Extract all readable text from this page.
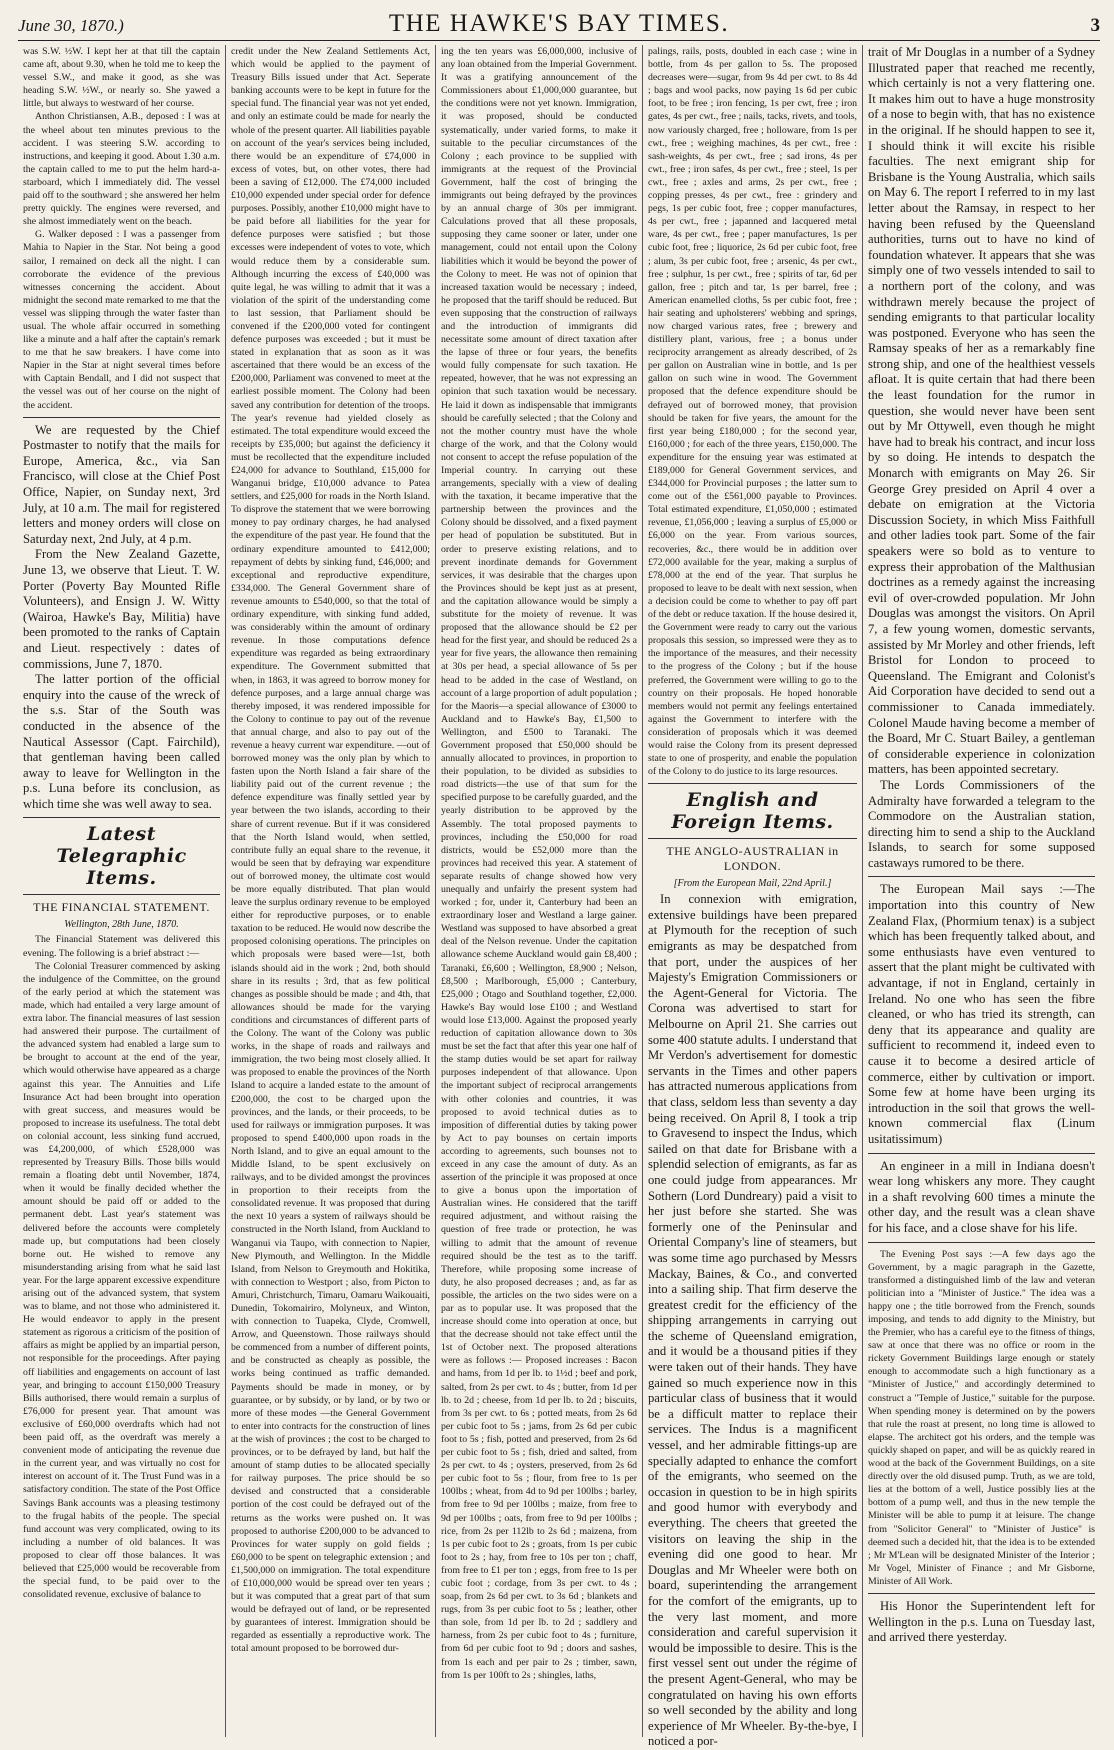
June 30, 1870.)	THE HAWKE'S BAY TIMES.	3

was S.W. ½W. I kept her at that till the captain came aft, about 9.30, when he told me to keep the vessel S.W., and make it good, as she was heading S.W. ½W., or nearly so. She yawed a little, but always to westward of her course.

Anthon Christiansen, A.B., deposed : I was at the wheel about ten minutes previous to the accident. I was steering S.W. according to instructions, and keeping it good. About 1.30 a.m. the captain called to me to put the helm hard-a-starboard, which I immediately did. The vessel paid off to the southward ; she answered her helm pretty quickly. The engines were reversed, and she almost immediately went on the beach.

G. Walker deposed : I was a passenger from Mahia to Napier in the Star. Not being a good sailor, I remained on deck all the night. I can corroborate the evidence of the previous witnesses concerning the accident. About midnight the second mate remarked to me that the vessel was slipping through the water faster than usual. The whole affair occurred in something like a minute and a half after the captain's remark to me that he saw breakers. I have come into Napier in the Star at night several times before with Captain Bendall, and I did not suspect that the vessel was out of her course on the night of the accident.

We are requested by the Chief Postmaster to notify that the mails for Europe, America, &c., via San Francisco, will close at the Chief Post Office, Napier, on Sunday next, 3rd July, at 10 a.m. The mail for registered letters and money orders will close on Saturday next, 2nd July, at 4 p.m.

From the New Zealand Gazette, June 13, we observe that Lieut. T. W. Porter (Poverty Bay Mounted Rifle Volunteers), and Ensign J. W. Witty (Wairoa, Hawke's Bay, Militia) have been promoted to the ranks of Captain and Lieut. respectively : dates of commissions, June 7, 1870.

The latter portion of the official enquiry into the cause of the wreck of the s.s. Star of the South was conducted in the absence of the Nautical Assessor (Capt. Fairchild), that gentleman having been called away to leave for Wellington in the p.s. Luna before its conclusion, as which time she was well away to sea.

Latest Telegraphic Items.
THE FINANCIAL STATEMENT.
Wellington, 28th June, 1870.

The Financial Statement was delivered this evening. The following is a brief abstract :—

The Colonial Treasurer commenced by asking the indulgence of the Committee, on the ground of the early period at which the statement was made, which had entailed a very large amount of extra labor. The financial measures of last session had answered their purpose. The curtailment of the advanced system had enabled a large sum to be brought to account at the end of the year, which would otherwise have appeared as a charge against this year. The Annuities and Life Insurance Act had been brought into operation with great success, and measures would be proposed to increase its usefulness. The total debt on colonial account, less sinking fund accrued, was £4,200,000, of which £528,000 was represented by Treasury Bills. Those bills would remain a floating debt until November, 1874, when it would be finally decided whether the amount should be paid off or added to the permanent debt. Last year's statement was delivered before the accounts were completely made up, but computations had been closely borne out. He wished to remove any misunderstanding arising from what he said last year. For the large apparent excessive expenditure arising out of the advanced system, that system was to blame, and not those who administered it. He would endeavor to apply in the present statement as rigorous a criticism of the position of affairs as might be applied by an impartial person, not responsible for the proceedings. After paying off liabilities and engagements on account of last year, and bringing to account £150,000 Treasury Bills authorised, there would remain a surplus of £76,000 for present year. That amount was exclusive of £60,000 overdrafts which had not been paid off, as the overdraft was merely a convenient mode of anticipating the revenue due in the current year, and was virtually no cost for interest on account of it. The Trust Fund was in a satisfactory condition. The state of the Post Office Savings Bank accounts was a pleasing testimony to the frugal habits of the people. The special fund account was very complicated, owing to its including a number of old balances. It was proposed to clear off those balances. It was believed that £25,000 would be recoverable from the special fund, to be paid over to the consolidated revenue, exclusive of balance to

credit under the New Zealand Settlements Act, which would be applied to the payment of Treasury Bills issued under that Act. Seperate banking accounts were to be kept in future for the special fund. The financial year was not yet ended, and only an estimate could be made for nearly the whole of the present quarter. All liabilities payable on account of the year's services being included, there would be an expenditure of £74,000 in excess of votes, but, on other votes, there had been a saving of £12,000. The £74,000 included £10,000 expended under special order for defence purposes. Possibly, another £10,000 might have to be paid before all liabilities for the year for defence purposes were satisfied ; but those excesses were independent of votes to vote, which would reduce them by a considerable sum. Although incurring the excess of £40,000 was quite legal, he was willing to admit that it was a violation of the spirit of the understanding come to last session, that Parliament should be convened if the £200,000 voted for contingent defence purposes was exceeded ; but it must be stated in explanation that as soon as it was ascertained that there would be an excess of the £200,000, Parliament was convened to meet at the earliest possible moment. The Colony had been saved any contribution for detention of the troops. The year's revenue had yielded closely as estimated. The total expenditure would exceed the receipts by £35,000; but against the deficiency it must be recollected that the expenditure included £24,000 for advance to Southland, £15,000 for Wanganui bridge, £10,000 advance to Patea settlers, and £25,000 for roads in the North Island. To disprove the statement that we were borrowing money to pay ordinary charges, he had analysed the expenditure of the past year. He found that the ordinary expenditure amounted to £412,000; repayment of debts by sinking fund, £46,000; and exceptional and reproductive expenditure, £334,000. The General Government share of revenue amounts to £540,000, so that the total of ordinary expenditure, with sinking fund added, was considerably within the amount of ordinary revenue. In those computations defence expenditure was regarded as being extraordinary expenditure. The Government submitted that when, in 1863, it was agreed to borrow money for defence purposes, and a large annual charge was thereby imposed, it was rendered impossible for the Colony to continue to pay out of the revenue that annual charge, and also to pay out of the revenue a heavy current war expenditure. —out of borrowed money was the only plan by which to fasten upon the North Island a fair share of the liability paid out of the current revenue ; the defence expenditure was finally settled year by year between the two islands, according to their share of current revenue. But if it was considered that the North Island would, when settled, contribute fully an equal share to the revenue, it would be seen that by defraying war expenditure out of borrowed money, the ultimate cost would be more equally distributed. That plan would leave the surplus ordinary revenue to be employed either for reproductive purposes, or to enable taxation to be reduced. He would now describe the proposed colonising operations. The principles on which proposals were based were—1st, both islands should aid in the work ; 2nd, both should share in its results ; 3rd, that as few political changes as possible should be made ; and 4th, that allowances should be made for the varying conditions and circumstances of different parts of the Colony. The want of the Colony was public works, in the shape of roads and railways and immigration, the two being most closely allied. It was proposed to enable the provinces of the North Island to acquire a landed estate to the amount of £200,000, the cost to be charged upon the provinces, and the lands, or their proceeds, to be used for railways or immigration purposes. It was proposed to spend £400,000 upon roads in the North Island, and to give an equal amount to the Middle Island, to be spent exclusively on railways, and to be divided amongst the provinces in proportion to their receipts from the consolidated revenue. It was proposed that during the next 10 years a system of railways should be constructed in the North Island, from Auckland to Wanganui via Taupo, with connection to Napier, New Plymouth, and Wellington. In the Middle Island, from Nelson to Greymouth and Hokitika, with connection to Westport ; also, from Picton to Amuri, Christchurch, Timaru, Oamaru Waikouaiti, Dunedin, Tokomairiro, Molyneux, and Winton, with connection to Tuapeka, Clyde, Cromwell, Arrow, and Queenstown. Those railways should be commenced from a number of different points, and be constructed as cheaply as possible, the works being continued as traffic demanded. Payments should be made in money, or by guarantee, or by subsidy, or by land, or by two or more of these modes —the General Government to enter into contracts for the construction of lines at the wish of provinces ; the cost to be charged to provinces, or to be defrayed by land, but half the amount of stamp duties to be allocated specially for railway purposes. The price should be so devised and constructed that a considerable portion of the cost could be defrayed out of the returns as the works were pushed on. It was proposed to authorise £200,000 to be advanced to Provinces for water supply on gold fields ; £60,000 to be spent on telegraphic extension ; and £1,500,000 on immigration. The total expenditure of £10,000,000 would be spread over ten years ; but it was computed that a great part of that sum would be defrayed out of land, or be represented by guarantees of interest. Immigration should be regarded as essentially a reproductive work. The total amount proposed to be borrowed dur-

ing the ten years was £6,000,000, inclusive of any loan obtained from the Imperial Government. It was a gratifying announcement of the Commissioners about £1,000,000 guarantee, but the conditions were not yet known. Immigration, it was proposed, should be conducted systematically, under varied forms, to make it suitable to the peculiar circumstances of the Colony ; each province to be supplied with immigrants at the request of the Provincial Government, half the cost of bringing the immigrants out being defrayed by the provinces by an annual charge of 30s per immigrant. Calculations proved that all these proposals, supposing they came sooner or later, under one management, could not entail upon the Colony liabilities which it would be beyond the power of the Colony to meet. He was not of opinion that increased taxation would be necessary ; indeed, he proposed that the tariff should be reduced. But even supposing that the construction of railways and the introduction of immigrants did necessitate some amount of direct taxation after the lapse of three or four years, the benefits would fully compensate for such taxation. He repeated, however, that he was not expressing an opinion that such taxation would be necessary. He laid it down as indispensable that immigrants should be carefully selected ; that the Colony and not the mother country must have the whole charge of the work, and that the Colony would not consent to accept the refuse population of the Imperial country. In carrying out these arrangements, specially with a view of dealing with the taxation, it became imperative that the partnership between the provinces and the Colony should be dissolved, and a fixed payment per head of population be substituted. But in order to preserve existing relations, and to prevent inordinate demands for Government services, it was desirable that the charges upon the Provinces should be kept just as at present, and the capitation allowance would be simply a substitute for the moiety of revenue. It was proposed that the allowance should be £2 per head for the first year, and should be reduced 2s a year for five years, the allowance then remaining at 30s per head, a special allowance of 5s per head to be added in the case of Westland, on account of a large proportion of adult population ; for the Maoris—a special allowance of £3000 to Auckland and to Hawke's Bay, £1,500 to Wellington, and £500 to Taranaki. The Government proposed that £50,000 should be annually allocated to provinces, in proportion to their population, to be divided as subsidies to road districts—the use of that sum for the specified purpose to be carefully guarded, and the yearly distribution to be approved by the Assembly. The total proposed payments to provinces, including the £50,000 for road districts, would be £52,000 more than the provinces had received this year. A statement of separate results of change showed how very unequally and unfairly the present system had worked ; for, under it, Canterbury had been an extraordinary loser and Westland a large gainer. Westland was supposed to have absorbed a great deal of the Nelson revenue. Under the capitation allowance scheme Auckland would gain £8,400 ; Taranaki, £6,600 ; Wellington, £8,900 ; Nelson, £8,500 ; Marlborough, £5,000 ; Canterbury, £25,000 ; Otago and Southland together, £2,000. Hawke's Bay would lose £100 ; and Westland would lose £13,000. Against the proposed yearly reduction of capitation allowance down to 30s must be set the fact that after this year one half of the stamp duties would be set apart for railway purposes independent of that allowance. Upon the important subject of reciprocal arrangements with other colonies and countries, it was proposed to avoid technical duties as to imposition of differential duties by taking power by Act to pay bounses on certain imports according to agreements, such bounses not to exceed in any case the amount of duty. As an assertion of the principle it was proposed at once to give a bonus upon the importation of Australian wines. He considered that the tariff required adjustment, and without raising the question of free trade or protection, he was willing to admit that the amount of revenue required should be the test as to the tariff. Therefore, while proposing some increase of duty, he also proposed decreases ; and, as far as possible, the articles on the two sides were on a par as to popular use. It was proposed that the increase should come into operation at once, but that the decrease should not take effect until the 1st of October next. The proposed alterations were as follows :— Proposed increases : Bacon and hams, from 1d per lb. to 1½d ; beef and pork, salted, from 2s per cwt. to 4s ; butter, from 1d per lb. to 2d ; cheese, from 1d per lb. to 2d ; biscuits, from 3s per cwt. to 6s ; potted meats, from 2s 6d per cubic foot to 5s ; jams, from 2s 6d per cubic foot to 5s ; fish, potted and preserved, from 2s 6d per cubic foot to 5s ; fish, dried and salted, from 2s per cwt. to 4s ; oysters, preserved, from 2s 6d per cubic foot to 5s ; flour, from free to 1s per 100lbs ; wheat, from 4d to 9d per 100lbs ; barley, from free to 9d per 100lbs ; maize, from free to 9d per 100lbs ; oats, from free to 9d per 100lbs ; rice, from 2s per 112lb to 2s 6d ; maizena, from 1s per cubic foot to 2s ; groats, from 1s per cubic foot to 2s ; hay, from free to 10s per ton ; chaff, from free to £1 per ton ; eggs, from free to 1s per cubic foot ; cordage, from 3s per cwt. to 4s ; soap, from 2s 6d per cwt. to 3s 6d ; blankets and rugs, from 3s per cubic foot to 5s ; leather, other than sole, from 1d per lb. to 2d ; saddlery and harness, from 2s per cubic foot to 4s ; furniture, from 6d per cubic foot to 9d ; doors and sashes, from 1s each and per pair to 2s ; timber, sawn, from 1s per 100ft to 2s ; shingles, laths,

palings, rails, posts, doubled in each case ; wine in bottle, from 4s per gallon to 5s. The proposed decreases were—sugar, from 9s 4d per cwt. to 8s 4d ; bags and wool packs, now paying 1s 6d per cubic foot, to be free ; iron fencing, 1s per cwt, free ; iron gates, 4s per cwt., free ; nails, tacks, rivets, and tools, now variously charged, free ; holloware, from 1s per cwt., free ; weighing machines, 4s per cwt., free : sash-weights, 4s per cwt., free ; sad irons, 4s per cwt., free ; iron safes, 4s per cwt., free ; steel, 1s per cwt., free ; axles and arms, 2s per cwt., free ; copping presses, 4s per cwt., free : grindery and pegs, 1s per cubic foot, free ; copper manufactures, 4s per cwt., free ; japanned and lacquered metal ware, 4s per cwt., free ; paper manufactures, 1s per cubic foot, free ; liquorice, 2s 6d per cubic foot, free ; alum, 3s per cubic foot, free ; arsenic, 4s per cwt., free ; sulphur, 1s per cwt., free ; spirits of tar, 6d per gallon, free ; pitch and tar, 1s per barrel, free ; American enamelled cloths, 5s per cubic foot, free ; hair seating and upholsterers' webbing and springs, now charged various rates, free ; brewery and distillery plant, various, free ; a bonus under reciprocity arrangement as already described, of 2s per gallon on Australian wine in bottle, and 1s per gallon on such wine in wood. The Government proposed that the defence expenditure should be defrayed out of borrowed money, that provision should be taken for five years, the amount for the first year being £180,000 ; for the second year, £160,000 ; for each of the three years, £150,000. The expenditure for the ensuing year was estimated at £189,000 for General Government services, and £344,000 for Provincial purposes ; the latter sum to come out of the £561,000 payable to Provinces. Total estimated expenditure, £1,050,000 ; estimated revenue, £1,056,000 ; leaving a surplus of £5,000 or £6,000 on the year. From various sources, recoveries, &c., there would be in addition over £72,000 available for the year, making a surplus of £78,000 at the end of the year. That surplus he proposed to leave to be dealt with next session, when a decision could be come to whether to pay off part of the debt or reduce taxation. If the house desired it, the Government were ready to carry out the various proposals this session, so impressed were they as to the importance of the measures, and their necessity to the progress of the Colony ; but if the house preferred, the Government were willing to go to the country on their proposals. He hoped honorable members would not permit any feelings entertained against the Government to interfere with the consideration of proposals which it was deemed would raise the Colony from its present depressed state to one of prosperity, and enable the population of the Colony to do justice to its large resources.

English and Foreign Items.
THE ANGLO-AUSTRALIAN in LONDON.
[From the European Mail, 22nd April.]

In connexion with emigration, extensive buildings have been prepared at Plymouth for the reception of such emigrants as may be despatched from that port, under the auspices of her Majesty's Emigration Commissioners or the Agent-General for Victoria. The Corona was advertised to start for Melbourne on April 21. She carries out some 400 statute adults. I understand that Mr Verdon's advertisement for domestic servants in the Times and other papers has attracted numerous applications from that class, seldom less than seventy a day being received. On April 8, I took a trip to Gravesend to inspect the Indus, which sailed on that date for Brisbane with a splendid selection of emigrants, as far as one could judge from appearances. Mr Sothern (Lord Dundreary) paid a visit to her just before she started. She was formerly one of the Peninsular and Oriental Company's line of steamers, but was some time ago purchased by Messrs Mackay, Baines, & Co., and converted into a sailing ship. That firm deserve the greatest credit for the efficiency of the shipping arrangements in carrying out the scheme of Queensland emigration, and it would be a thousand pities if they were taken out of their hands. They have gained so much experience now in this particular class of business that it would be a difficult matter to replace their services. The Indus is a magnificent vessel, and her admirable fittings-up are specially adapted to enhance the comfort of the emigrants, who seemed on the occasion in question to be in high spirits and good humor with everybody and everything. The cheers that greeted the visitors on leaving the ship in the evening did one good to hear. Mr Douglas and Mr Wheeler were both on board, superintending the arrangement for the comfort of the emigrants, up to the very last moment, and more consideration and careful supervision it would be impossible to desire. This is the first vessel sent out under the régime of the present Agent-General, who may be congratulated on having his own efforts so well seconded by the ability and long experience of Mr Wheeler. By-the-bye, I noticed a por-

trait of Mr Douglas in a number of a Sydney Illustrated paper that reached me recently, which certainly is not a very flattering one. It makes him out to have a huge monstrosity of a nose to begin with, that has no existence in the original. If he should happen to see it, I should think it will excite his risible faculties. The next emigrant ship for Brisbane is the Young Australia, which sails on May 6. The report I referred to in my last letter about the Ramsay, in respect to her having been refused by the Queensland authorities, turns out to have no kind of foundation whatever. It appears that she was simply one of two vessels intended to sail to a northern port of the colony, and was withdrawn merely because the project of sending emigrants to that particular locality was postponed. Everyone who has seen the Ramsay speaks of her as a remarkably fine strong ship, and one of the healthiest vessels afloat. It is quite certain that had there been the least foundation for the rumor in question, she would never have been sent out by Mr Ottywell, even though he might have had to break his contract, and incur loss by so doing. He intends to despatch the Monarch with emigrants on May 26. Sir George Grey presided on April 4 over a debate on emigration at the Victoria Discussion Society, in which Miss Faithfull and other ladies took part. Some of the fair speakers were so bold as to venture to express their approbation of the Malthusian doctrines as a remedy against the increasing evil of over-crowded population. Mr John Douglas was amongst the visitors. On April 7, a few young women, domestic servants, assisted by Mr Morley and other friends, left Bristol for London to proceed to Queensland. The Emigrant and Colonist's Aid Corporation have decided to send out a commissioner to Canada immediately. Colonel Maude having become a member of the Board, Mr C. Stuart Bailey, a gentleman of considerable experience in colonization matters, has been appointed secretary.

The Lords Commissioners of the Admiralty have forwarded a telegram to the Commodore on the Australian station, directing him to send a ship to the Auckland Islands, to search for some supposed castaways rumored to be there.

The European Mail says :—The importation into this country of New Zealand Flax, (Phormium tenax) is a subject which has been frequently talked about, and some enthusiasts have even ventured to assert that the plant might be cultivated with advantage, if not in England, certainly in Ireland. No one who has seen the fibre cleaned, or who has tried its strength, can deny that its appearance and quality are sufficient to recommend it, indeed even to cause it to become a desired article of commerce, either by cultivation or import. Some few at home have been urging its introduction in the soil that grows the well-known commercial flax (Linum usitatissimum)

An engineer in a mill in Indiana doesn't wear long whiskers any more. They caught in a shaft revolving 600 times a minute the other day, and the result was a clean shave for his face, and a close shave for his life.

The Evening Post says :—A few days ago the Government, by a magic paragraph in the Gazette, transformed a distinguished limb of the law and veteran politician into a "Minister of Justice." The idea was a happy one ; the title borrowed from the French, sounds imposing, and tends to add dignity to the Ministry, but the Premier, who has a careful eye to the fitness of things, saw at once that there was no office or room in the rickety Government Buildings large enough or stately enough to accommodate such a high functionary as a "Minister of Justice," and accordingly determined to construct a "Temple of Justice," suitable for the purpose. When spending money is determined on by the powers that rule the roast at present, no long time is allowed to elapse. The architect got his orders, and the temple was quickly shaped on paper, and will be as quickly reared in wood at the back of the Government Buildings, on a site directly over the old disused pump. Truth, as we are told, lies at the bottom of a well, Justice possibly lies at the bottom of a pump well, and thus in the new temple the Minister will be able to pump it at leisure. The change from "Solicitor General" to "Minister of Justice" is deemed such a decided hit, that the idea is to be extended ; Mr M'Lean will be designated Minister of the Interior ; Mr Vogel, Minister of Finance ; and Mr Gisborne, Minister of All Work.

His Honor the Superintendent left for Wellington in the p.s. Luna on Tuesday last, and arrived there yesterday.
